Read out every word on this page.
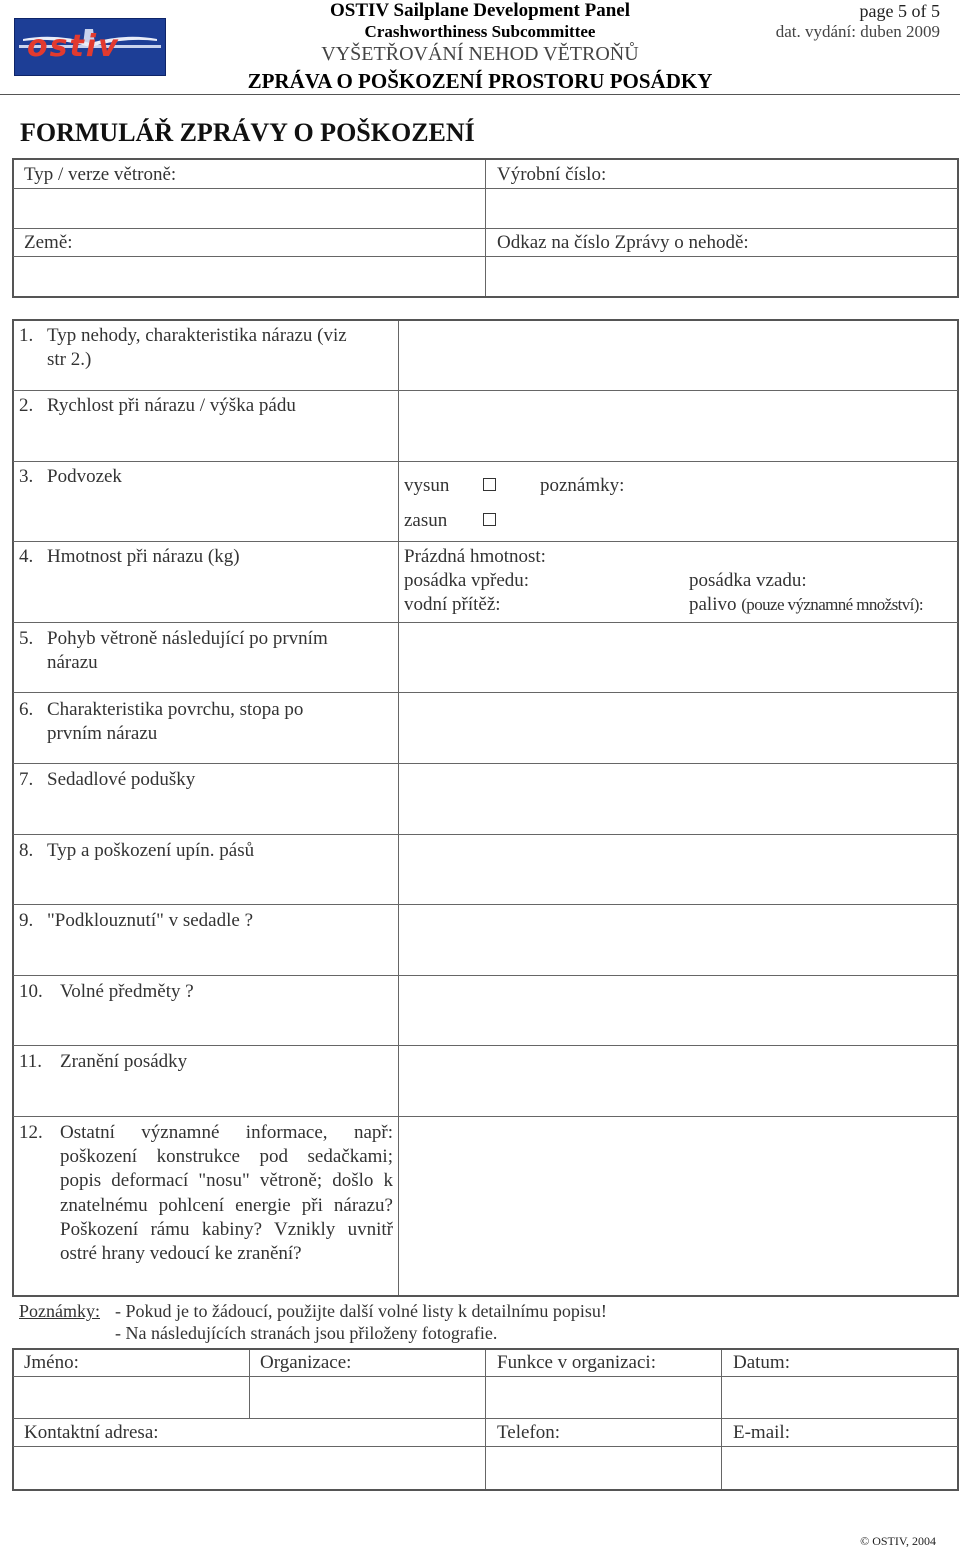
ostiv
OSTIV Sailplane Development Panel
Crashworthiness Subcommittee
VYŠETŘOVÁNÍ NEHOD VĚTROŇŮ
ZPRÁVA O POŠKOZENÍ PROSTORU POSÁDKY
page 5 of 5
dat. vydání: duben 2009
FORMULÁŘ ZPRÁVY O POŠKOZENÍ
Typ / verze větroně:	Výrobní číslo:
Země:	Odkaz na číslo Zprávy o nehodě:
1. Typ nehody, charakteristika nárazu (viz
str 2.)
2. Rychlost při nárazu / výška pádu
3. Podvozek	vysun	poznámky:
zasun
4. Hmotnost při nárazu (kg)	Prázdná hmotnost:
posádka vpředu:	posádka vzadu:
vodní přítěž:	palivo (pouze významné množství):
5. Pohyb větroně následující po prvním
nárazu
6. Charakteristika povrchu, stopa po
prvním nárazu
7. Sedadlové podušky
8. Typ a poškození upín. pásů
9. "Podklouznutí" v sedadle ?
10. Volné předměty ?
11. Zranění posádky
12. Ostatní významné informace, např: poškození konstrukce pod sedačkami; popis deformací "nosu" větroně; došlo k znatelnému pohlcení energie při nárazu? Poškození rámu kabiny? Vznikly uvnitř ostré hrany vedoucí ke zranění?
Poznámky: - Pokud je to žádoucí, použijte další volné listy k detailnímu popisu!
- Na následujících stranách jsou přiloženy fotografie.
Jméno:	Organizace:	Funkce v organizaci:	Datum:
Kontaktní adresa:	Telefon:	E-mail:
© OSTIV, 2004
